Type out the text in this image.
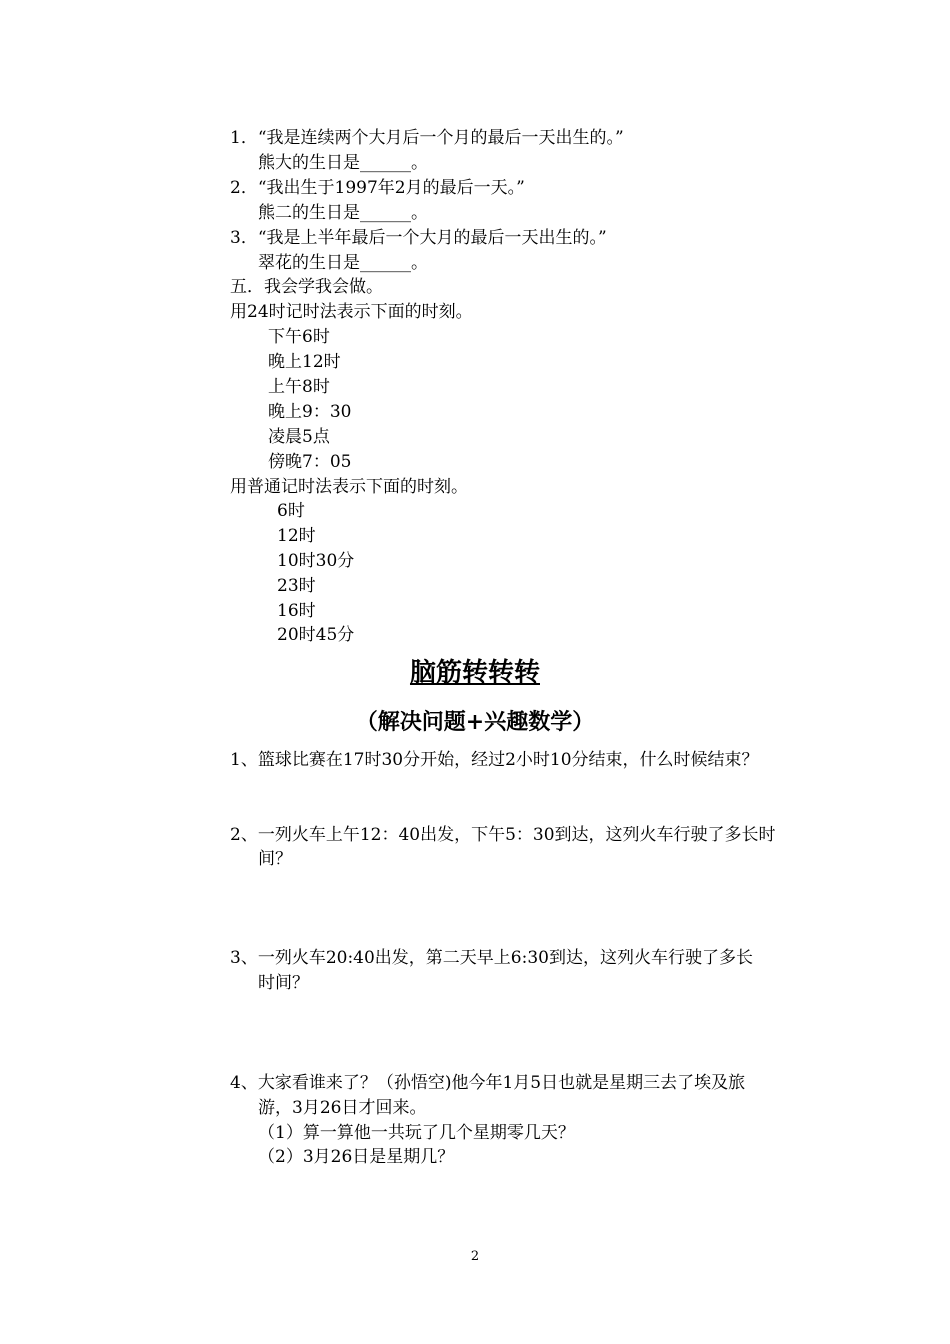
1．“我是连续两个大月后一个月的最后一天出生的。”
熊大的生日是______。
2．“我出生于1997年2月的最后一天。”
熊二的生日是______。
3．“我是上半年最后一个大月的最后一天出生的。”
翠花的生日是______。
五．我会学我会做。
用24时记时法表示下面的时刻。
下午6时
晚上12时
上午8时
晚上9：30
凌晨5点
傍晚7：05
用普通记时法表示下面的时刻。
6时
12时
10时30分
23时
16时
20时45分
脑筋转转转
（解决问题+兴趣数学）
1、篮球比赛在17时30分开始，经过2小时10分结束，什么时候结束？
2、一列火车上午12：40出发，下午5：30到达，这列火车行驶了多长时
间？
3、一列火车20:40出发，第二天早上6:30到达，这列火车行驶了多长
时间？
4、大家看谁来了？（孙悟空)他今年1月5日也就是星期三去了埃及旅
游，3月26日才回来。
（1）算一算他一共玩了几个星期零几天？
（2）3月26日是星期几？
2
